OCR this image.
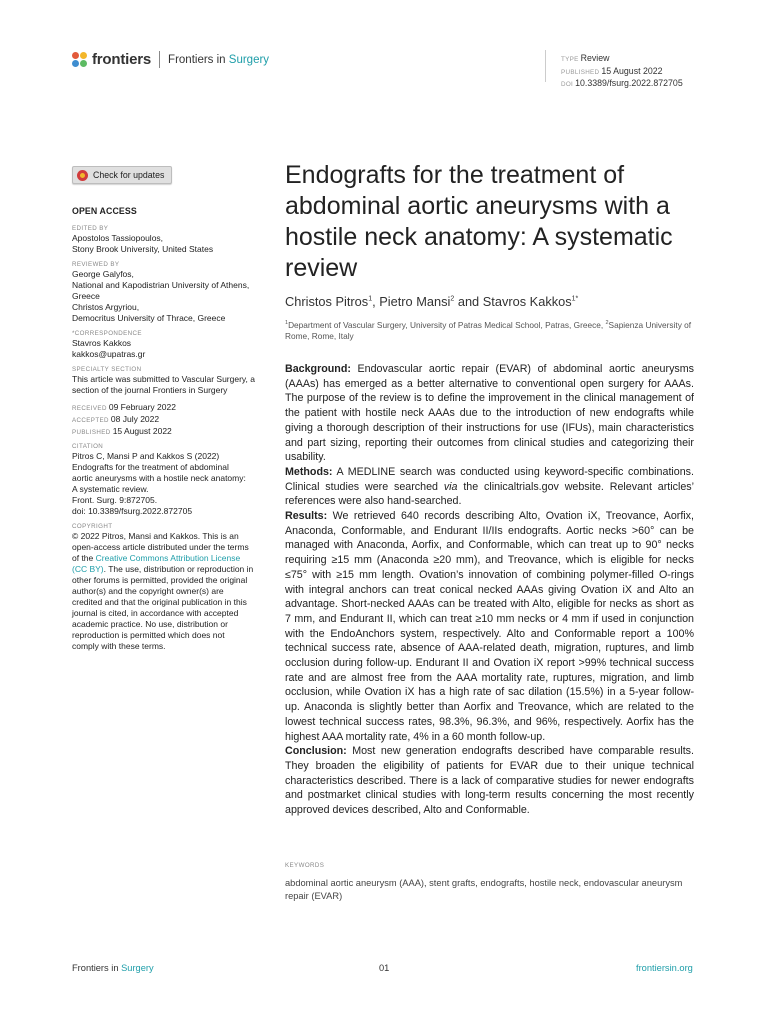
frontiers Frontiers in Surgery	TYPE Review
PUBLISHED 15 August 2022
DOI 10.3389/fsurg.2022.872705
Check for updates
OPEN ACCESS
EDITED BY
Apostolos Tassiopoulos,
Stony Brook University, United States
REVIEWED BY
George Galyfos,
National and Kapodistrian University of Athens,
Greece
Christos Argyriou,
Democritus University of Thrace, Greece
*CORRESPONDENCE
Stavros Kakkos
kakkos@upatras.gr
SPECIALTY SECTION
This article was submitted to Vascular Surgery, a
section of the journal Frontiers in Surgery
RECEIVED 09 February 2022
ACCEPTED 08 July 2022
PUBLISHED 15 August 2022
CITATION
Pitros C, Mansi P and Kakkos S (2022)
Endografts for the treatment of abdominal
aortic aneurysms with a hostile neck anatomy:
A systematic review.
Front. Surg. 9:872705.
doi: 10.3389/fsurg.2022.872705
COPYRIGHT
© 2022 Pitros, Mansi and Kakkos. This is an
open-access article distributed under the terms
of the Creative Commons Attribution License
(CC BY). The use, distribution or reproduction in
other forums is permitted, provided the original
author(s) and the copyright owner(s) are
credited and that the original publication in this
journal is cited, in accordance with accepted
academic practice. No use, distribution or
reproduction is permitted which does not
comply with these terms.
Endografts for the treatment of abdominal aortic aneurysms with a hostile neck anatomy: A systematic review
Christos Pitros$^1$, Pietro Mansi$^2$ and Stavros Kakkos$^{1*}$
$^1$Department of Vascular Surgery, University of Patras Medical School, Patras, Greece, $^2$Sapienza University of Rome, Rome, Italy

Background: Endovascular aortic repair (EVAR) of abdominal aortic aneurysms (AAAs) has emerged as a better alternative to conventional open surgery for AAAs. The purpose of the review is to define the improvement in the clinical management of the patient with hostile neck AAAs due to the introduction of new endografts while giving a thorough description of their instructions for use (IFUs), main characteristics and part sizing, reporting their outcomes from clinical studies and categorizing their usability.

Methods: A MEDLINE search was conducted using keyword-specific combinations. Clinical studies were searched via the clinicaltrials.gov website. Relevant articles’ references were also hand-searched.

Results: We retrieved 640 records describing Alto, Ovation iX, Treovance, Aorfix, Anaconda, Conformable, and Endurant II/IIs endografts. Aortic necks >60° can be managed with Anaconda, Aorfix, and Conformable, which can treat up to 90° necks requiring ≥15 mm (Anaconda ≥20 mm), and Treovance, which is eligible for necks ≤75° with ≥15 mm length. Ovation’s innovation of combining polymer-filled O-rings with integral anchors can treat conical necked AAAs giving Ovation iX and Alto an advantage. Short-necked AAAs can be treated with Alto, eligible for necks as short as 7 mm, and Endurant II, which can treat ≥10 mm necks or 4 mm if used in conjunction with the EndoAnchors system, respectively. Alto and Conformable report a 100% technical success rate, absence of AAA-related death, migration, ruptures, and limb occlusion during follow-up. Endurant II and Ovation iX report >99% technical success rate and are almost free from the AAA mortality rate, ruptures, migration, and limb occlusion, while Ovation iX has a high rate of sac dilation (15.5%) in a 5-year follow-up. Anaconda is slightly better than Aorfix and Treovance, which are related to the lowest technical success rates, 98.3%, 96.3%, and 96%, respectively. Aorfix has the highest AAA mortality rate, 4% in a 60 month follow-up.

Conclusion: Most new generation endografts described have comparable results. They broaden the eligibility of patients for EVAR due to their unique technical characteristics described. There is a lack of comparative studies for newer endografts and postmarket clinical studies with long-term results concerning the most recently approved devices described, Alto and Conformable.

KEYWORDS
abdominal aortic aneurysm (AAA), stent grafts, endografts, hostile neck, endovascular aneurysm repair (EVAR)
Frontiers in Surgery	01	frontiersin.org
